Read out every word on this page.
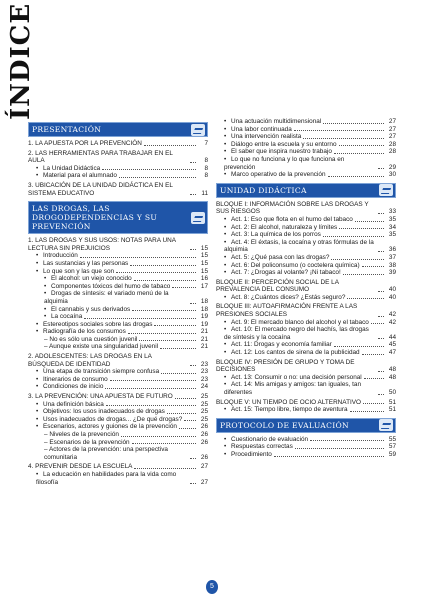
ÍNDICE
PRESENTACIÓN
1. LA APUESTA POR LA PREVENCIÓN	7
2. LAS HERRAMIENTAS PARA TRABAJAR EN EL AULA	8
• La Unidad Didáctica	8
• Material para el alumnado	8
3. UBICACIÓN DE LA UNIDAD DIDÁCTICA EN EL SISTEMA EDUCATIVO	11
LAS DROGAS, LAS DROGODEPENDENCIAS Y SU PREVENCIÓN
1. LAS DROGAS Y SUS USOS: NOTAS PARA UNA LECTURA SIN PREJUICIOS	15
• Introducción	15
• Las sustancias y las personas	15
• Lo que son y las que son	15
• El alcohol: un viejo conocido	16
• Componentes tóxicos del humo de tabaco	17
• Drogas de síntesis: el variado menú de la alquimia	18
• El cannabis y sus derivados	18
• La cocaína	19
• Estereotipos sociales sobre las drogas	19
• Radiografía de los consumos	21
– No es sólo una cuestión juvenil	21
– Aunque existe una singularidad juvenil	21
2. ADOLESCENTES: LAS DROGAS EN LA BÚSQUEDA DE IDENTIDAD	23
• Una etapa de transición siempre confusa	23
• Itinerarios de consumo	23
• Condiciones de inicio	24
3. LA PREVENCIÓN: UNA APUESTA DE FUTURO	25
• Una definición básica	25
• Objetivos: los usos inadecuados de drogas	25
• Usos inadecuados de drogas... ¿De qué drogas?	25
• Escenarios, actores y guiones de la prevención	26
– Niveles de la prevención	26
– Escenarios de la prevención	26
– Actores de la prevención: una perspectiva comunitaria	26
4. PREVENIR DESDE LA ESCUELA	27
• La educación en habilidades para la vida como filosofía	27
• Una actuación multidimensional	27
• Una labor continuada	27
• Una intervención realista	27
• Diálogo entre la escuela y su entorno	28
• El saber que inspira nuestro trabajo	28
• Lo que no funciona y lo que funciona en prevención	29
• Marco operativo de la prevención	30
UNIDAD DIDÁCTICA
BLOQUE I: INFORMACIÓN SOBRE LAS DROGAS Y SUS RIESGOS	33
• Act. 1: Eso que flota en el humo del tabaco	35
• Act. 2: El alcohol, naturaleza y límites	34
• Act. 3: La química de los porros	35
• Act. 4: El éxtasis, la cocaína y otras fórmulas de la alquimia	36
• Act. 5: ¿Qué pasa con las drogas?	37
• Act. 6: Del policonsumo (o coctelera química)	38
• Act. 7: ¿Drogas al volante? ¡Ni tabaco!	39
BLOQUE II: PERCEPCIÓN SOCIAL DE LA PREVALENCIA DEL CONSUMO	40
• Act. 8: ¿Cuántos dices? ¿Estás seguro?	40
BLOQUE III: AUTOAFIRMACIÓN FRENTE A LAS PRESIONES SOCIALES	42
• Act. 9: El mercado blanco del alcohol y el tabaco	42
• Act. 10: El mercado negro del hachís, las drogas de síntesis y la cocaína	44
• Act. 11: Drogas y economía familiar	45
• Act. 12: Los cantos de sirena de la publicidad	47
BLOQUE IV: PRESIÓN DE GRUPO Y TOMA DE DECISIONES	48
• Act. 13: Consumir o no: una decisión personal	48
• Act. 14: Mis amigas y amigos: tan iguales, tan diferentes	50
BLOQUE V: UN TIEMPO DE OCIO ALTERNATIVO	51
• Act. 15: Tiempo libre, tiempo de aventura	51
PROTOCOLO DE EVALUACIÓN
• Cuestionario de evaluación	55
• Respuestas correctas	57
• Procedimiento	59
5
